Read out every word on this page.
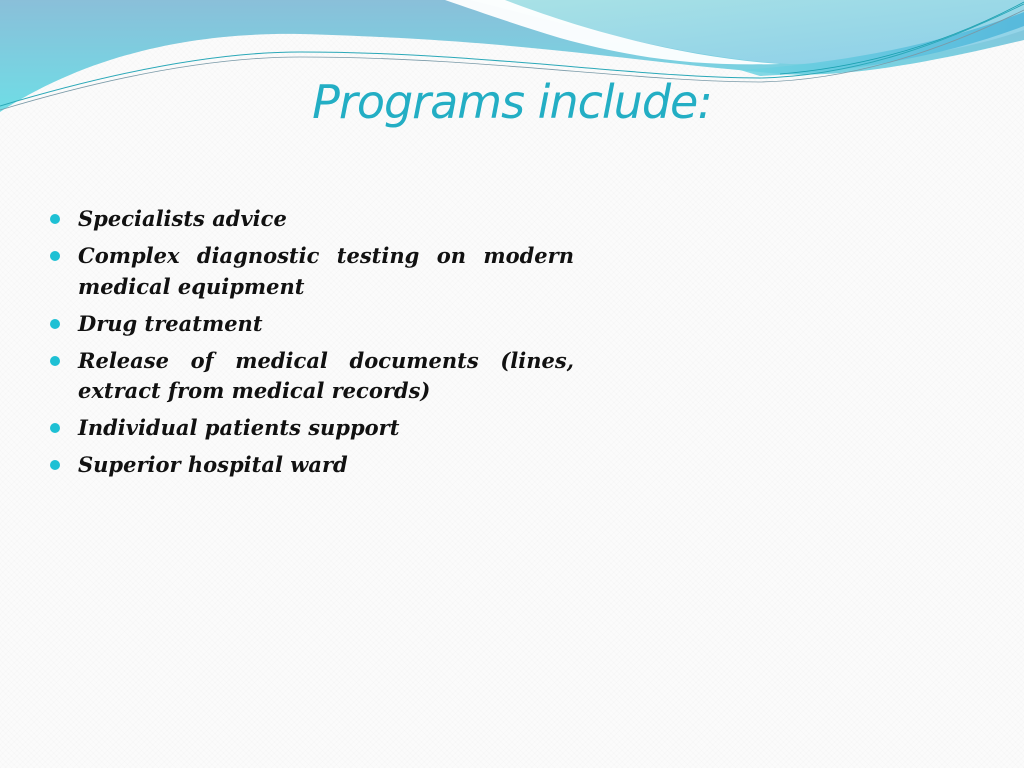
Programs include:
Specialists advice
Complex diagnostic testing on modern medical equipment
Drug treatment
Release of medical documents (lines, extract from medical records)
Individual patients support
Superior hospital ward
